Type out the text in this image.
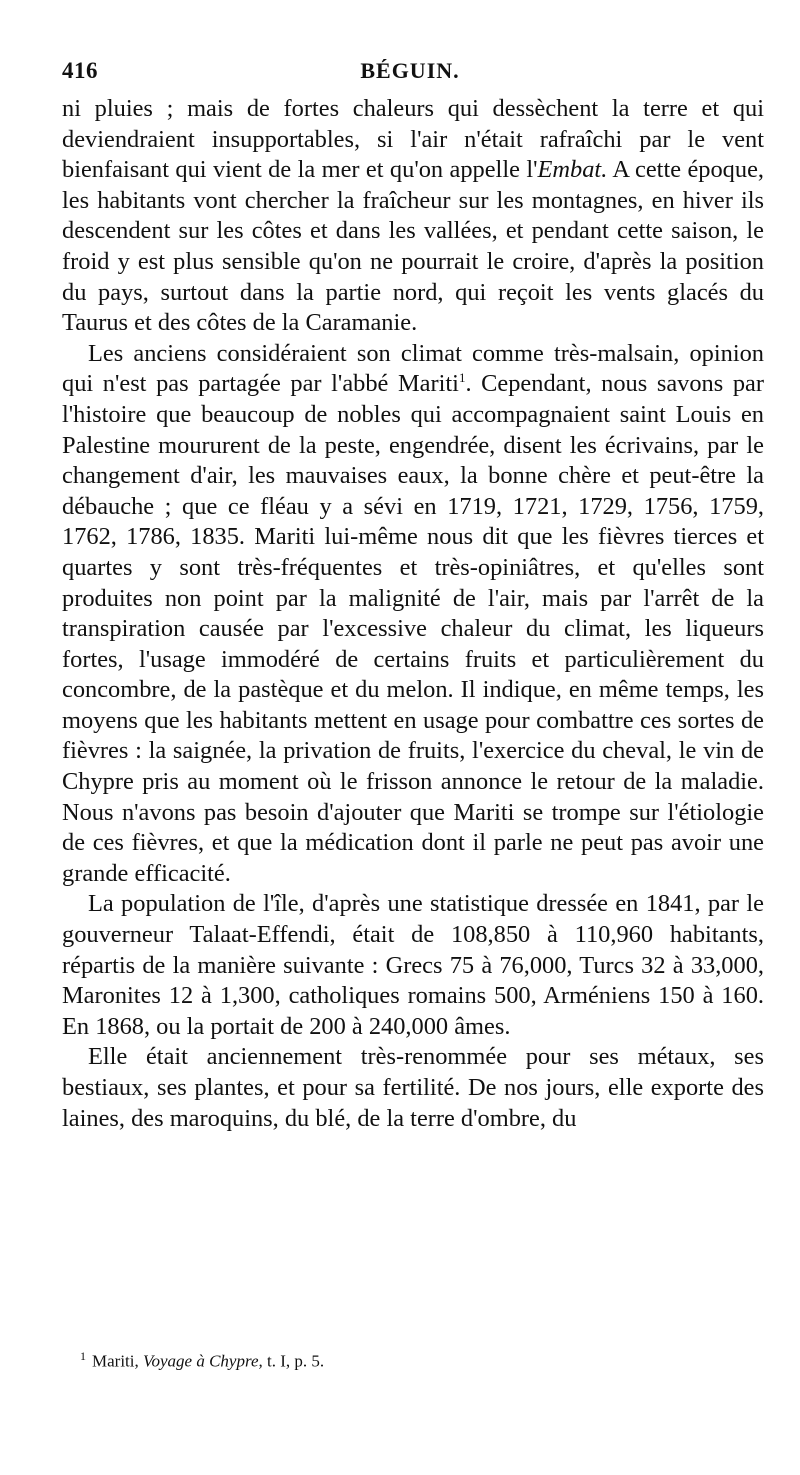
416	BÉGUIN.

ni pluies ; mais de fortes chaleurs qui dessèchent la terre et qui deviendraient insupportables, si l'air n'était rafraîchi par le vent bienfaisant qui vient de la mer et qu'on appelle l'Embat. A cette époque, les habitants vont chercher la fraîcheur sur les montagnes, en hiver ils descendent sur les côtes et dans les vallées, et pendant cette saison, le froid y est plus sensible qu'on ne pourrait le croire, d'après la position du pays, surtout dans la partie nord, qui reçoit les vents glacés du Taurus et des côtes de la Caramanie.

Les anciens considéraient son climat comme très-malsain, opinion qui n'est pas partagée par l'abbé Mariti$^1$. Cependant, nous savons par l'histoire que beaucoup de nobles qui accompagnaient saint Louis en Palestine moururent de la peste, engendrée, disent les écrivains, par le changement d'air, les mauvaises eaux, la bonne chère et peut-être la débauche ; que ce fléau y a sévi en 1719, 1721, 1729, 1756, 1759, 1762, 1786, 1835. Mariti lui-même nous dit que les fièvres tierces et quartes y sont très-fréquentes et très-opiniâtres, et qu'elles sont produites non point par la malignité de l'air, mais par l'arrêt de la transpiration causée par l'excessive chaleur du climat, les liqueurs fortes, l'usage immodéré de certains fruits et particulièrement du concombre, de la pastèque et du melon. Il indique, en même temps, les moyens que les habitants mettent en usage pour combattre ces sortes de fièvres : la saignée, la privation de fruits, l'exercice du cheval, le vin de Chypre pris au moment où le frisson annonce le retour de la maladie. Nous n'avons pas besoin d'ajouter que Mariti se trompe sur l'étiologie de ces fièvres, et que la médication dont il parle ne peut pas avoir une grande efficacité.

La population de l'île, d'après une statistique dressée en 1841, par le gouverneur Talaat-Effendi, était de 108,850 à 110,960 habitants, répartis de la manière suivante : Grecs 75 à 76,000, Turcs 32 à 33,000, Maronites 12 à 1,300, catholiques romains 500, Arméniens 150 à 160. En 1868, ou la portait de 200 à 240,000 âmes.

Elle était anciennement très-renommée pour ses métaux, ses bestiaux, ses plantes, et pour sa fertilité. De nos jours, elle exporte des laines, des maroquins, du blé, de la terre d'ombre, du

$^1$ Mariti, Voyage à Chypre, t. I, p. 5.
